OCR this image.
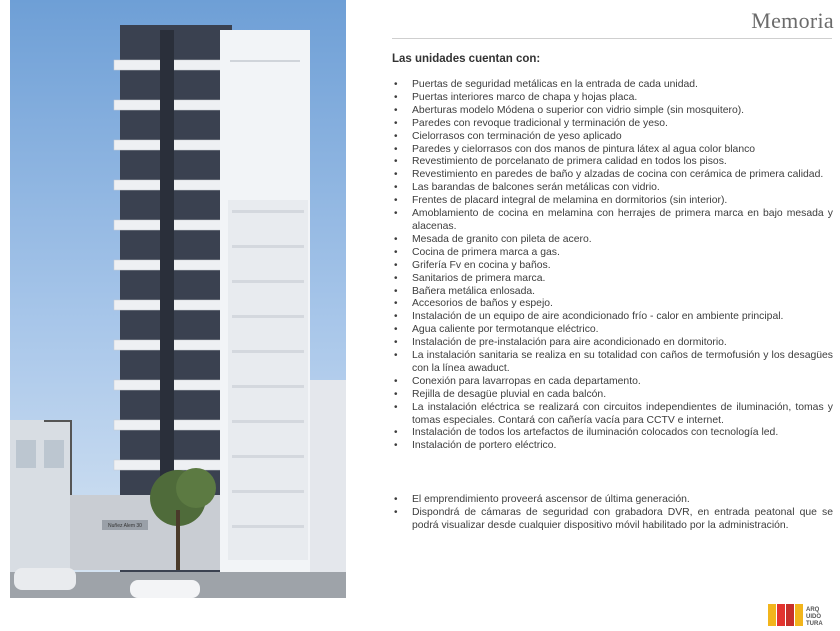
Nuñez Alem 30
Memoria
Las unidades cuentan con:
• Puertas de seguridad metálicas en la entrada de cada unidad.
• Puertas interiores marco de chapa y hojas placa.
• Aberturas modelo Módena o superior con vidrio simple (sin mosquitero).
• Paredes con revoque tradicional y terminación de yeso.
• Cielorrasos con terminación de yeso aplicado
• Paredes y cielorrasos con dos manos de pintura látex al agua color blanco
• Revestimiento de porcelanato de primera calidad en todos los pisos.
• Revestimiento en paredes de baño y alzadas de cocina con cerámica de primera calidad.
• Las barandas de balcones serán metálicas con vidrio.
• Frentes de placard integral de melamina en dormitorios (sin interior).
• Amoblamiento de cocina en melamina con herrajes de primera marca en bajo mesada y alacenas.
• Mesada de granito con pileta de acero.
• Cocina de primera marca a gas.
• Grifería Fv en cocina y baños.
• Sanitarios de primera marca.
• Bañera metálica enlosada.
• Accesorios de baños y espejo.
• Instalación de un equipo de aire acondicionado frío - calor en ambiente principal.
• Agua caliente por termotanque eléctrico.
• Instalación de pre-instalación para aire acondicionado en dormitorio.
• La instalación sanitaria se realiza en su totalidad con caños de termofusión y los desagües con la línea awaduct.
• Conexión para lavarropas en cada departamento.
• Rejilla de desagüe pluvial en cada balcón.
• La instalación eléctrica se realizará con circuitos independientes de iluminación, tomas y tomas especiales. Contará con cañería vacía para CCTV e internet.
• Instalación de todos los artefactos de iluminación colocados con tecnología led.
• Instalación de portero eléctrico.
• El emprendimiento proveerá ascensor de última generación.
• Dispondrá de cámaras de seguridad con grabadora DVR, en entrada peatonal que se podrá visualizar desde cualquier dispositivo móvil habilitado por la administración.
ARQ
UIDO
TURA
